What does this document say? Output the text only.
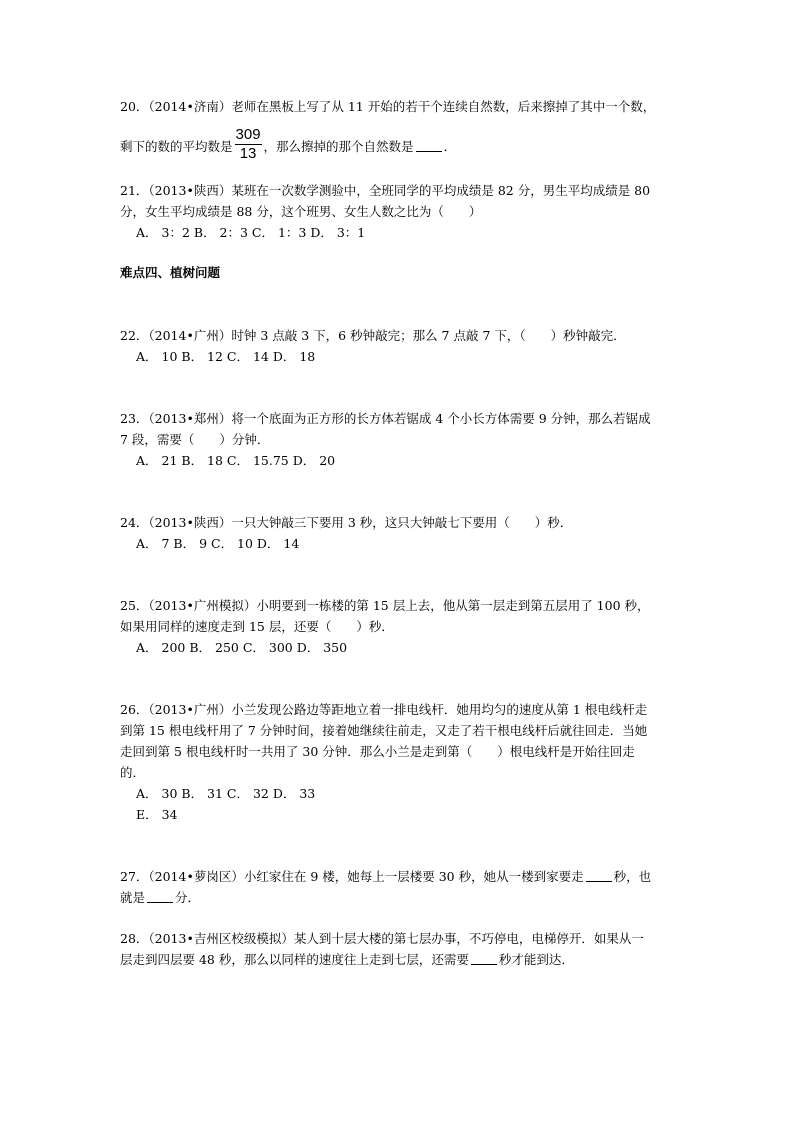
20．（2014•济南）老师在黑板上写了从 11 开始的若干个连续自然数，后来擦掉了其中一个数，
剩下的数的平均数是 $\frac{309}{13}$ ，那么擦掉的那个自然数是 ．
21．（2013•陕西）某班在一次数学测验中，全班同学的平均成绩是 82 分，男生平均成绩是 80
分，女生平均成绩是 88 分，这个班男、女生人数之比为（　　）
A． 3：2 B． 2：3 C． 1：3 D． 3：1
难点四、植树问题
22．（2014•广州）时钟 3 点敲 3 下，6 秒钟敲完；那么 7 点敲 7 下，（　　）秒钟敲完．
A． 10 B． 12 C． 14 D． 18
23．（2013•郑州）将一个底面为正方形的长方体若锯成 4 个小长方体需要 9 分钟，那么若锯成
7 段，需要（　　）分钟．
A． 21 B． 18 C． 15.75 D． 20
24．（2013•陕西）一只大钟敲三下要用 3 秒，这只大钟敲七下要用（　　）秒．
A． 7 B． 9 C． 10 D． 14
25．（2013•广州模拟）小明要到一栋楼的第 15 层上去，他从第一层走到第五层用了 100 秒，
如果用同样的速度走到 15 层，还要（　　）秒．
A． 200 B． 250 C． 300 D． 350
26．（2013•广州）小兰发现公路边等距地立着一排电线杆．她用均匀的速度从第 1 根电线杆走
到第 15 根电线杆用了 7 分钟时间，接着她继续往前走，又走了若干根电线杆后就往回走．当她
走回到第 5 根电线杆时一共用了 30 分钟．那么小兰是走到第（　　）根电线杆是开始往回走
的．
A． 30 B． 31 C． 32 D． 33
E． 34
27．（2014•萝岗区）小红家住在 9 楼，她每上一层楼要 30 秒，她从一楼到家要走 秒，也
就是 分．
28．（2013•吉州区校级模拟）某人到十层大楼的第七层办事，不巧停电，电梯停开．如果从一
层走到四层要 48 秒，那么以同样的速度往上走到七层，还需要 秒才能到达．
